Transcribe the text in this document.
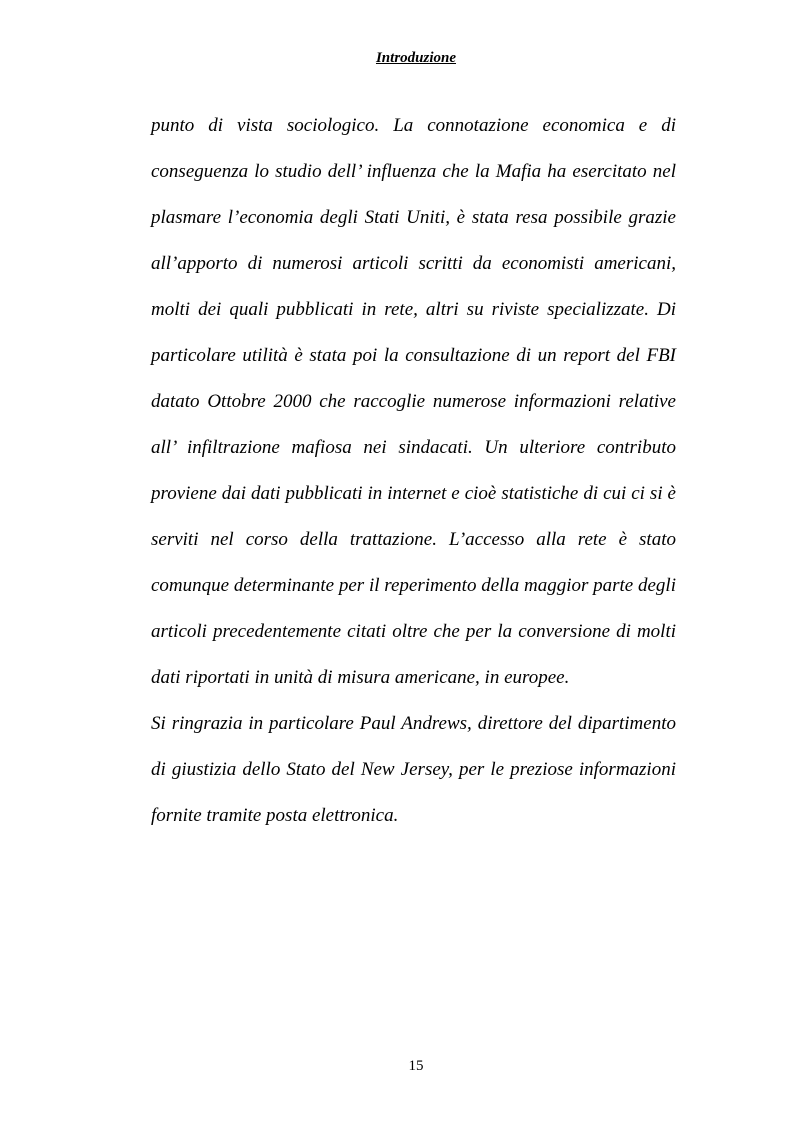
Introduzione

punto di vista sociologico. La connotazione economica e di conseguenza lo studio dell’ influenza che la Mafia ha esercitato nel plasmare l’economia degli Stati Uniti, è stata resa possibile grazie all’apporto di numerosi articoli scritti da economisti americani, molti dei quali pubblicati in rete, altri su riviste specializzate. Di particolare utilità è stata poi la consultazione di un report del FBI datato Ottobre 2000 che raccoglie numerose informazioni relative all’ infiltrazione mafiosa nei sindacati. Un ulteriore contributo proviene dai dati pubblicati in internet e cioè statistiche di cui ci si è serviti nel corso della trattazione. L’accesso alla rete è stato comunque determinante per il reperimento della maggior parte degli articoli precedentemente citati oltre che per la conversione di molti dati riportati in unità di misura americane, in europee.

Si ringrazia in particolare Paul Andrews, direttore del dipartimento di giustizia dello Stato del New Jersey, per le preziose informazioni fornite tramite posta elettronica.

15
